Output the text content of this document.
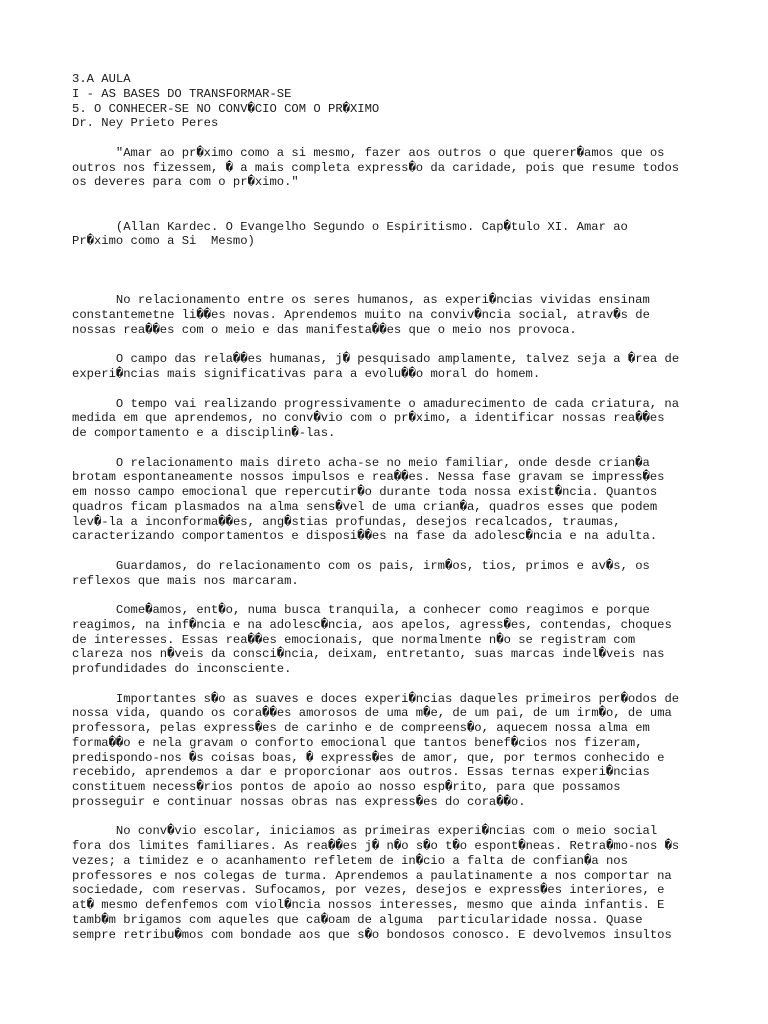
3.A AULA
I - AS BASES DO TRANSFORMAR-SE
5. O CONHECER-SE NO CONV�CIO COM O PR�XIMO
Dr. Ney Prieto Peres
"Amar ao pr�ximo como a si mesmo, fazer aos outros o que querer�amos que os
outros nos fizessem, � a mais completa express�o da caridade, pois que resume todos
os deveres para com o pr�ximo."
(Allan Kardec. O Evangelho Segundo o Espiritismo. Cap�tulo XI. Amar ao
Pr�ximo como a Si  Mesmo)
No relacionamento entre os seres humanos, as experi�ncias vividas ensinam
constantemetne li��es novas. Aprendemos muito na conviv�ncia social, atrav�s de
nossas rea��es com o meio e das manifesta��es que o meio nos provoca.
O campo das rela��es humanas, j� pesquisado amplamente, talvez seja a �rea de
experi�ncias mais significativas para a evolu��o moral do homem.
O tempo vai realizando progressivamente o amadurecimento de cada criatura, na
medida em que aprendemos, no conv�vio com o pr�ximo, a identificar nossas rea��es
de comportamento e a disciplin�-las.
O relacionamento mais direto acha-se no meio familiar, onde desde crian�a
brotam espontaneamente nossos impulsos e rea��es. Nessa fase gravam se impress�es
em nosso campo emocional que repercutir�o durante toda nossa exist�ncia. Quantos
quadros ficam plasmados na alma sens�vel de uma crian�a, quadros esses que podem
lev�-la a inconforma��es, ang�stias profundas, desejos recalcados, traumas,
caracterizando comportamentos e disposi��es na fase da adolesc�ncia e na adulta.
Guardamos, do relacionamento com os pais, irm�os, tios, primos e av�s, os
reflexos que mais nos marcaram.
Come�amos, ent�o, numa busca tranquila, a conhecer como reagimos e porque
reagimos, na inf�ncia e na adolesc�ncia, aos apelos, agress�es, contendas, choques
de interesses. Essas rea��es emocionais, que normalmente n�o se registram com
clareza nos n�veis da consci�ncia, deixam, entretanto, suas marcas indel�veis nas
profundidades do inconsciente.
Importantes s�o as suaves e doces experi�ncias daqueles primeiros per�odos de
nossa vida, quando os cora��es amorosos de uma m�e, de um pai, de um irm�o, de uma
professora, pelas express�es de carinho e de compreens�o, aquecem nossa alma em
forma��o e nela gravam o conforto emocional que tantos benef�cios nos fizeram,
predispondo-nos �s coisas boas, � express�es de amor, que, por termos conhecido e
recebido, aprendemos a dar e proporcionar aos outros. Essas ternas experi�ncias
constituem necess�rios pontos de apoio ao nosso esp�rito, para que possamos
prosseguir e continuar nossas obras nas express�es do cora��o.
No conv�vio escolar, iniciamos as primeiras experi�ncias com o meio social
fora dos limites familiares. As rea��es j� n�o s�o t�o espont�neas. Retra�mo-nos �s
vezes; a timidez e o acanhamento refletem de in�cio a falta de confian�a nos
professores e nos colegas de turma. Aprendemos a paulatinamente a nos comportar na
sociedade, com reservas. Sufocamos, por vezes, desejos e express�es interiores, e
at� mesmo defenfemos com viol�ncia nossos interesses, mesmo que ainda infantis. E
tamb�m brigamos com aqueles que ca�oam de alguma  particularidade nossa. Quase
sempre retribu�mos com bondade aos que s�o bondosos conosco. E devolvemos insultos
